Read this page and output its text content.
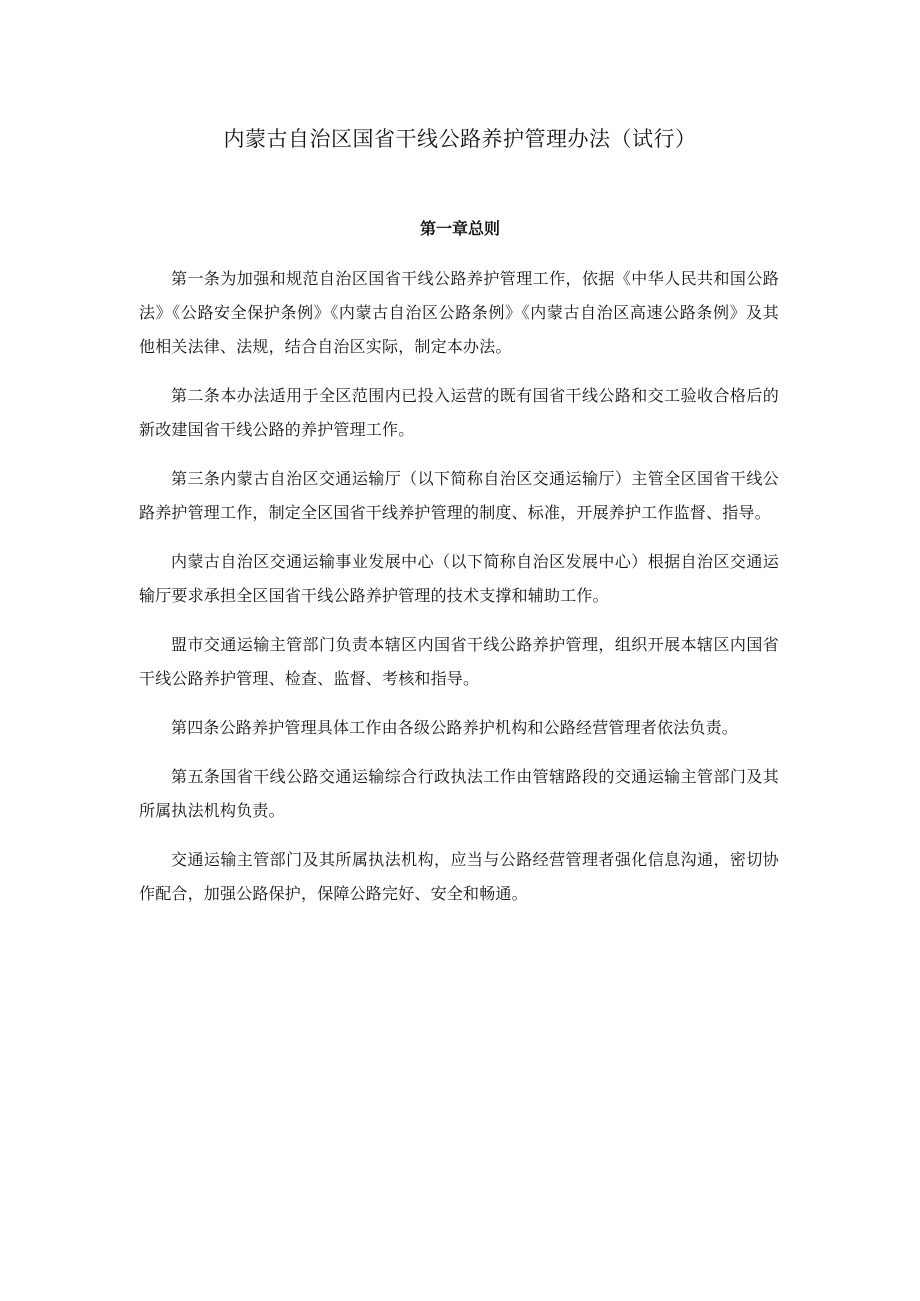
内蒙古自治区国省干线公路养护管理办法（试行）
第一章总则

第一条为加强和规范自治区国省干线公路养护管理工作，依据《中华人民共和国公路法》《公路安全保护条例》《内蒙古自治区公路条例》《内蒙古自治区高速公路条例》及其他相关法律、法规，结合自治区实际，制定本办法。

第二条本办法适用于全区范围内已投入运营的既有国省干线公路和交工验收合格后的新改建国省干线公路的养护管理工作。

第三条内蒙古自治区交通运输厅（以下简称自治区交通运输厅）主管全区国省干线公路养护管理工作，制定全区国省干线养护管理的制度、标准，开展养护工作监督、指导。

内蒙古自治区交通运输事业发展中心（以下简称自治区发展中心）根据自治区交通运输厅要求承担全区国省干线公路养护管理的技术支撑和辅助工作。

盟市交通运输主管部门负责本辖区内国省干线公路养护管理，组织开展本辖区内国省干线公路养护管理、检查、监督、考核和指导。

第四条公路养护管理具体工作由各级公路养护机构和公路经营管理者依法负责。

第五条国省干线公路交通运输综合行政执法工作由管辖路段的交通运输主管部门及其所属执法机构负责。

交通运输主管部门及其所属执法机构，应当与公路经营管理者强化信息沟通，密切协作配合，加强公路保护，保障公路完好、安全和畅通。
